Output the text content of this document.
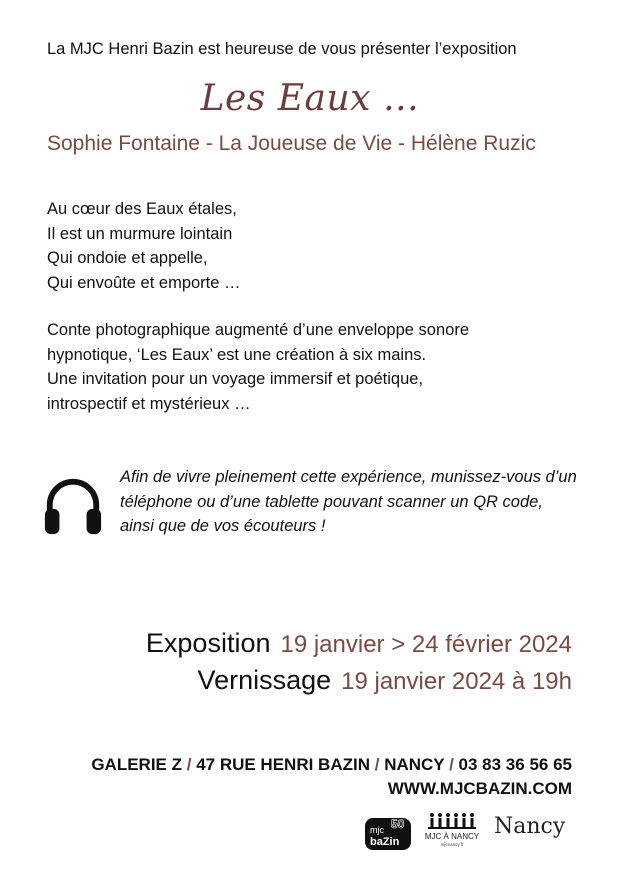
La MJC Henri Bazin est heureuse de vous présenter l’exposition
Les Eaux …
Sophie Fontaine - La Joueuse de Vie - Hélène Ruzic
Au cœur des Eaux étales,
Il est un murmure lointain
Qui ondoie et appelle,
Qui envoûte et emporte …
Conte photographique augmenté d’une enveloppe sonore
hypnotique, ‘Les Eaux’ est une création à six mains.
Une invitation pour un voyage immersif et poétique,
introspectif et mystérieux …
Afin de vivre pleinement cette expérience, munissez-vous d’un téléphone ou d’une tablette pouvant scanner un QR code, ainsi que de vos écouteurs !
Exposition 19 janvier > 24 février 2024
Vernissage 19 janvier 2024 à 19h
GALERIE Z / 47 RUE HENRI BAZIN / NANCY / 03 83 36 56 65
WWW.MJCBAZIN.COM
mjc 50
baZin	MJC À NANCY
mjcnancy.fr
Nancy
